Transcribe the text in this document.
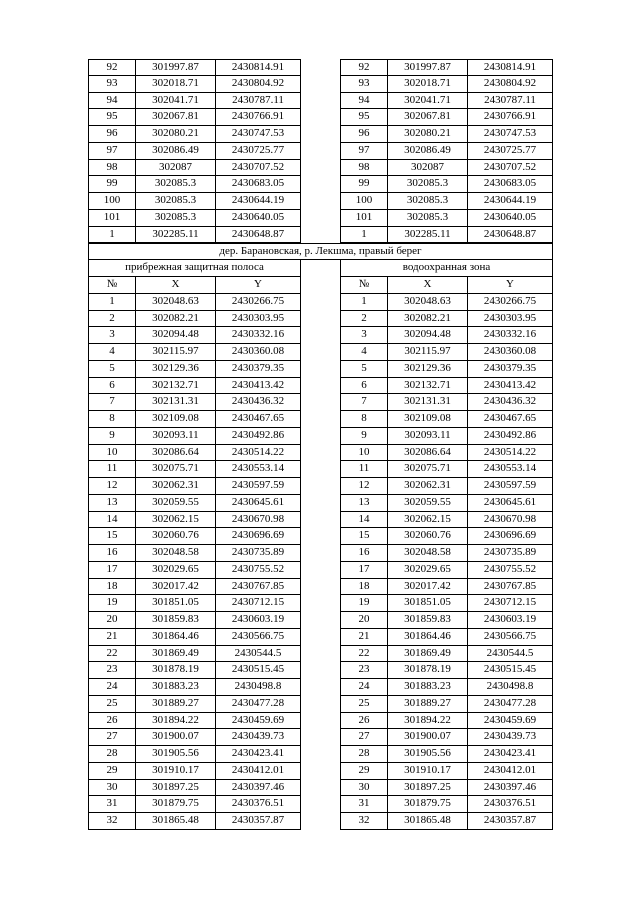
92	301997.87	2430814.91	92	301997.87	2430814.91
93	302018.71	2430804.92	93	302018.71	2430804.92
94	302041.71	2430787.11	94	302041.71	2430787.11
95	302067.81	2430766.91	95	302067.81	2430766.91
96	302080.21	2430747.53	96	302080.21	2430747.53
97	302086.49	2430725.77	97	302086.49	2430725.77
98	302087	2430707.52	98	302087	2430707.52
99	302085.3	2430683.05	99	302085.3	2430683.05
100	302085.3	2430644.19	100	302085.3	2430644.19
101	302085.3	2430640.05	101	302085.3	2430640.05
1	302285.11	2430648.87	1	302285.11	2430648.87
дер. Барановская, р. Лекшма, правый берег
прибрежная защитная полоса	водоохранная зона
№	X	Y	№	X	Y
1	302048.63	2430266.75	1	302048.63	2430266.75
2	302082.21	2430303.95	2	302082.21	2430303.95
3	302094.48	2430332.16	3	302094.48	2430332.16
4	302115.97	2430360.08	4	302115.97	2430360.08
5	302129.36	2430379.35	5	302129.36	2430379.35
6	302132.71	2430413.42	6	302132.71	2430413.42
7	302131.31	2430436.32	7	302131.31	2430436.32
8	302109.08	2430467.65	8	302109.08	2430467.65
9	302093.11	2430492.86	9	302093.11	2430492.86
10	302086.64	2430514.22	10	302086.64	2430514.22
11	302075.71	2430553.14	11	302075.71	2430553.14
12	302062.31	2430597.59	12	302062.31	2430597.59
13	302059.55	2430645.61	13	302059.55	2430645.61
14	302062.15	2430670.98	14	302062.15	2430670.98
15	302060.76	2430696.69	15	302060.76	2430696.69
16	302048.58	2430735.89	16	302048.58	2430735.89
17	302029.65	2430755.52	17	302029.65	2430755.52
18	302017.42	2430767.85	18	302017.42	2430767.85
19	301851.05	2430712.15	19	301851.05	2430712.15
20	301859.83	2430603.19	20	301859.83	2430603.19
21	301864.46	2430566.75	21	301864.46	2430566.75
22	301869.49	2430544.5	22	301869.49	2430544.5
23	301878.19	2430515.45	23	301878.19	2430515.45
24	301883.23	2430498.8	24	301883.23	2430498.8
25	301889.27	2430477.28	25	301889.27	2430477.28
26	301894.22	2430459.69	26	301894.22	2430459.69
27	301900.07	2430439.73	27	301900.07	2430439.73
28	301905.56	2430423.41	28	301905.56	2430423.41
29	301910.17	2430412.01	29	301910.17	2430412.01
30	301897.25	2430397.46	30	301897.25	2430397.46
31	301879.75	2430376.51	31	301879.75	2430376.51
32	301865.48	2430357.87	32	301865.48	2430357.87
